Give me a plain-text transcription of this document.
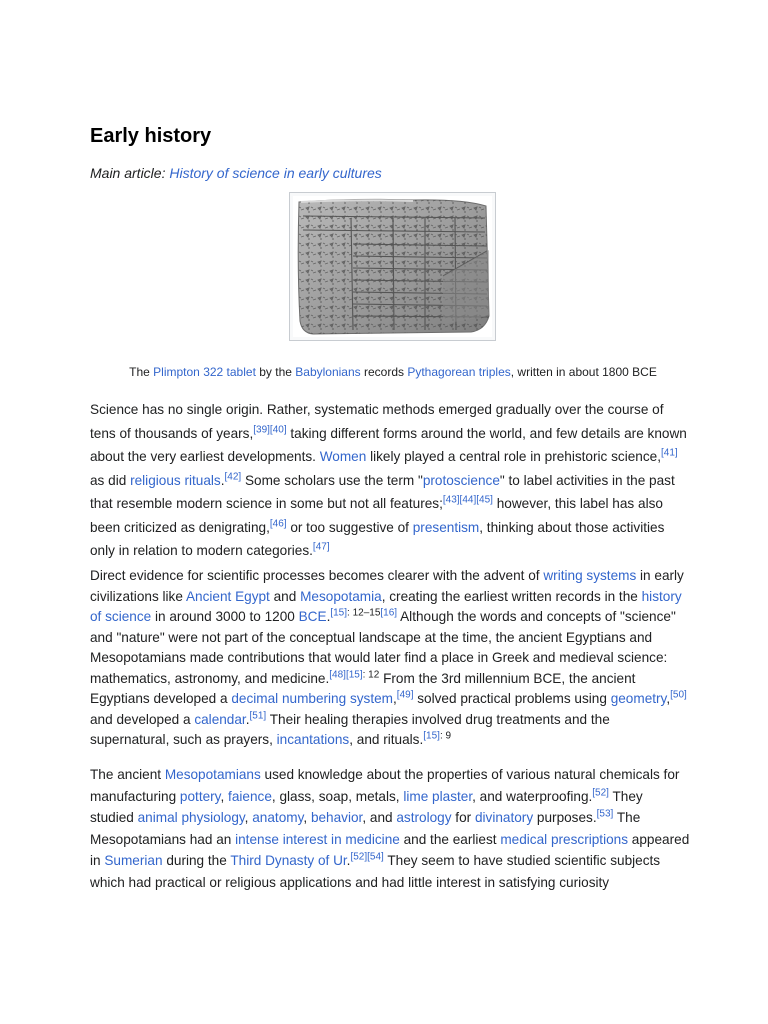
Early history
Main article: History of science in early cultures
The Plimpton 322 tablet by the Babylonians records Pythagorean triples, written in about 1800 BCE

Science has no single origin. Rather, systematic methods emerged gradually over the course of tens of thousands of years,[39][40] taking different forms around the world, and few details are known about the very earliest developments. Women likely played a central role in prehistoric science,[41] as did religious rituals.[42] Some scholars use the term "protoscience" to label activities in the past that resemble modern science in some but not all features;[43][44][45] however, this label has also been criticized as denigrating,[46] or too suggestive of presentism, thinking about those activities only in relation to modern categories.[47]

Direct evidence for scientific processes becomes clearer with the advent of writing systems in early civilizations like Ancient Egypt and Mesopotamia, creating the earliest written records in the history of science in around 3000 to 1200 BCE.[15]: 12–15[16] Although the words and concepts of "science" and "nature" were not part of the conceptual landscape at the time, the ancient Egyptians and Mesopotamians made contributions that would later find a place in Greek and medieval science: mathematics, astronomy, and medicine.$^{[48][15]: 12}$ From the 3rd millennium BCE, the ancient Egyptians developed a decimal numbering system,[49] solved practical problems using geometry,[50] and developed a calendar.[51] Their healing therapies involved drug treatments and the supernatural, such as prayers, incantations, and rituals.$^{[15]: 9}$

The ancient Mesopotamians used knowledge about the properties of various natural chemicals for manufacturing pottery, faience, glass, soap, metals, lime plaster, and waterproofing.[52] They studied animal physiology, anatomy, behavior, and astrology for divinatory purposes.[53] The Mesopotamians had an intense interest in medicine and the earliest medical prescriptions appeared in Sumerian during the Third Dynasty of Ur.[52][54] They seem to have studied scientific subjects which had practical or religious applications and had little interest in satisfying curiosity
